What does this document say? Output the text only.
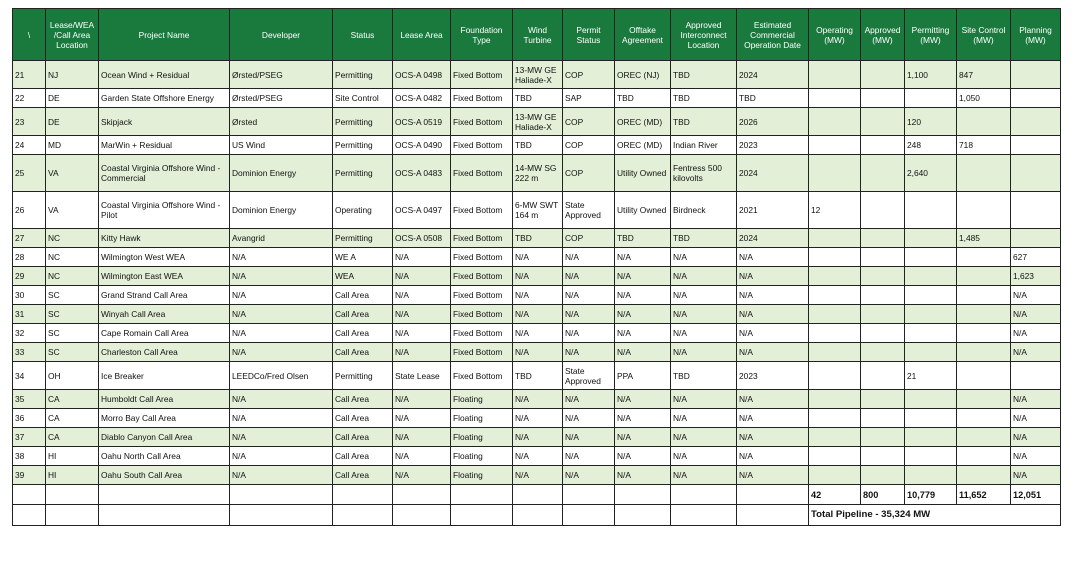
\	Lease/WEA /Call Area Location	Project Name	Developer	Status	Lease Area	Foundation Type	Wind Turbine	Permit Status	Offtake Agreement	Approved Interconnect Location	Estimated Commercial Operation Date	Operating (MW)	Approved (MW)	Permitting (MW)	Site Control (MW)	Planning (MW)
21	NJ	Ocean Wind + Residual	Ørsted/PSEG	Permitting	OCS-A 0498	Fixed Bottom	13-MW GE Haliade-X	COP	OREC (NJ)	TBD	2024			1,100	847	
22	DE	Garden State Offshore Energy	Ørsted/PSEG	Site Control	OCS-A 0482	Fixed Bottom	TBD	SAP	TBD	TBD	TBD				1,050	
23	DE	Skipjack	Ørsted	Permitting	OCS-A 0519	Fixed Bottom	13-MW GE Haliade-X	COP	OREC (MD)	TBD	2026			120		
24	MD	MarWin + Residual	US Wind	Permitting	OCS-A 0490	Fixed Bottom	TBD	COP	OREC (MD)	Indian River	2023			248	718	
25	VA	Coastal Virginia Offshore Wind - Commercial	Dominion Energy	Permitting	OCS-A 0483	Fixed Bottom	14-MW SG 222 m	COP	Utility Owned	Fentress 500 kilovolts	2024			2,640		
26	VA	Coastal Virginia Offshore Wind - Pilot	Dominion Energy	Operating	OCS-A 0497	Fixed Bottom	6-MW SWT 164 m	State Approved	Utility Owned	Birdneck	2021	12				
27	NC	Kitty Hawk	Avangrid	Permitting	OCS-A 0508	Fixed Bottom	TBD	COP	TBD	TBD	2024				1,485	
28	NC	Wilmington West WEA	N/A	WE A	N/A	Fixed Bottom	N/A	N/A	N/A	N/A	N/A					627
29	NC	Wilmington East WEA	N/A	WEA	N/A	Fixed Bottom	N/A	N/A	N/A	N/A	N/A					1,623
30	SC	Grand Strand Call Area	N/A	Call Area	N/A	Fixed Bottom	N/A	N/A	N/A	N/A	N/A					N/A
31	SC	Winyah Call Area	N/A	Call Area	N/A	Fixed Bottom	N/A	N/A	N/A	N/A	N/A					N/A
32	SC	Cape Romain Call Area	N/A	Call Area	N/A	Fixed Bottom	N/A	N/A	N/A	N/A	N/A					N/A
33	SC	Charleston Call Area	N/A	Call Area	N/A	Fixed Bottom	N/A	N/A	N/A	N/A	N/A					N/A
34	OH	Ice Breaker	LEEDCo/Fred Olsen	Permitting	State Lease	Fixed Bottom	TBD	State Approved	PPA	TBD	2023			21		
35	CA	Humboldt Call Area	N/A	Call Area	N/A	Floating	N/A	N/A	N/A	N/A	N/A					N/A
36	CA	Morro Bay Call Area	N/A	Call Area	N/A	Floating	N/A	N/A	N/A	N/A	N/A					N/A
37	CA	Diablo Canyon Call Area	N/A	Call Area	N/A	Floating	N/A	N/A	N/A	N/A	N/A					N/A
38	HI	Oahu North Call Area	N/A	Call Area	N/A	Floating	N/A	N/A	N/A	N/A	N/A					N/A
39	HI	Oahu South Call Area	N/A	Call Area	N/A	Floating	N/A	N/A	N/A	N/A	N/A					N/A
												42	800	10,779	11,652	12,051
												Total Pipeline - 35,324 MW				
